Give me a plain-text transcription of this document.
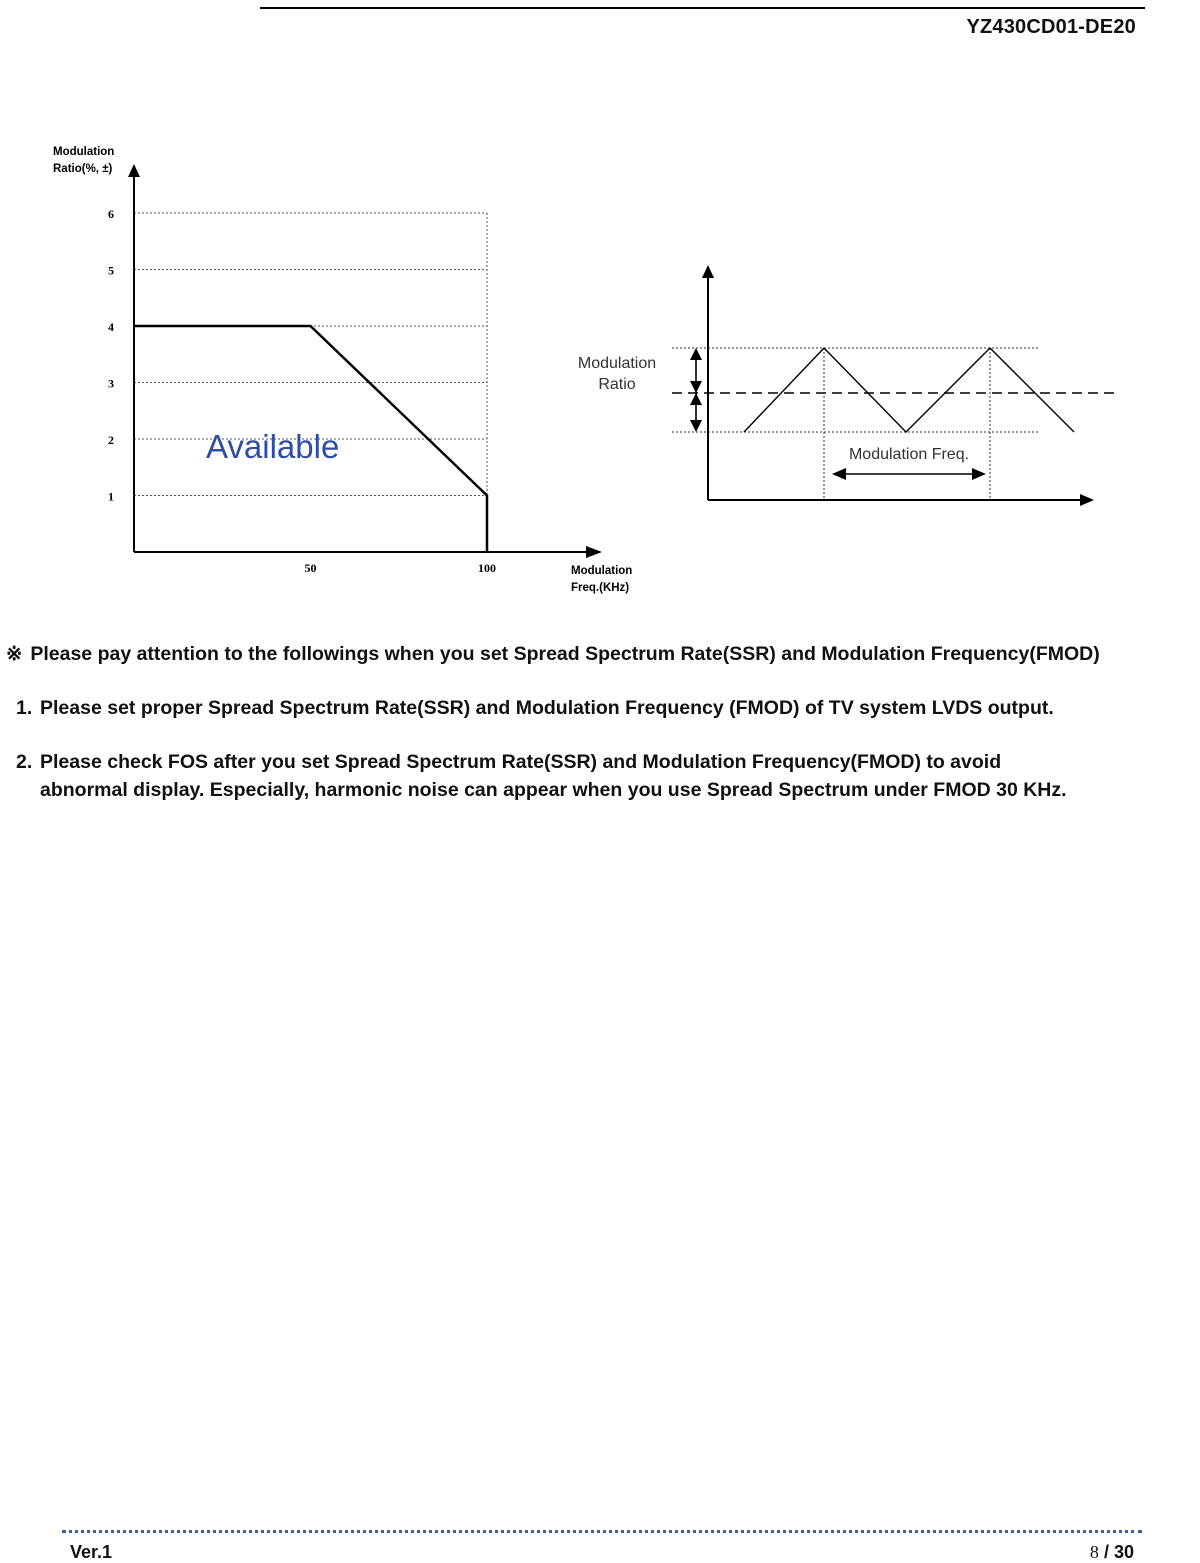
YZ430CD01-DE20
Modulation
Ratio(%, ±)
Modulation
Freq.(KHz)
1
2
3
4
5
6
50	100
Available
Modulation
Ratio
Modulation Freq.
※ Please pay attention to the followings when you set Spread Spectrum Rate(SSR) and Modulation Frequency(FMOD)
1. Please set proper Spread Spectrum Rate(SSR) and Modulation Frequency (FMOD) of TV system LVDS output.
2. Please check FOS after you set Spread Spectrum Rate(SSR) and Modulation Frequency(FMOD) to avoid
abnormal display. Especially, harmonic noise can appear when you use Spread Spectrum under FMOD 30 KHz.
Ver.1	8 / 30
